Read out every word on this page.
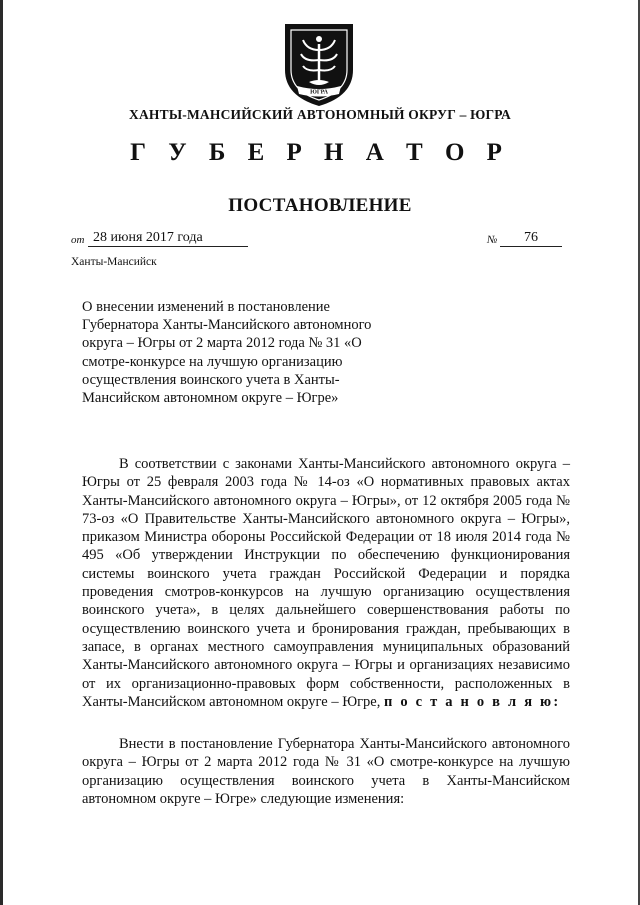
ЮГРА
ХАНТЫ-МАНСИЙСКИЙ АВТОНОМНЫЙ ОКРУГ – ЮГРА
Г У Б Е Р Н А Т О Р
ПОСТАНОВЛЕНИЕ
от 28 июня 2017 года	№	76
Ханты-Мансийск

О внесении изменений в постановление Губернатора Ханты-Мансийского автономного округа – Югры от 2 марта 2012 года № 31 «О смотре-конкурсе на лучшую организацию осуществления воинского учета в Ханты-Мансийском автономном округе – Югре»

В соответствии с законами Ханты-Мансийского автономного округа – Югры от 25 февраля 2003 года № 14-оз «О нормативных правовых актах Ханты-Мансийского автономного округа – Югры», от 12 октября 2005 года № 73-оз «О Правительстве Ханты-Мансийского автономного округа – Югры», приказом Министра обороны Российской Федерации от 18 июля 2014 года № 495 «Об утверждении Инструкции по обеспечению функционирования системы воинского учета граждан Российской Федерации и порядка проведения смотров-конкурсов на лучшую организацию осуществления воинского учета», в целях дальнейшего совершенствования работы по осуществлению воинского учета и бронирования граждан, пребывающих в запасе, в органах местного самоуправления муниципальных образований Ханты-Мансийского автономного округа – Югры и организациях независимо от их организационно-правовых форм собственности, расположенных в Ханты-Мансийском автономном округе – Югре, п о с т а н о в л я ю:

Внести в постановление Губернатора Ханты-Мансийского автономного округа – Югры от 2 марта 2012 года № 31 «О смотре-конкурсе на лучшую организацию осуществления воинского учета в Ханты-Мансийском автономном округе – Югре» следующие изменения:
